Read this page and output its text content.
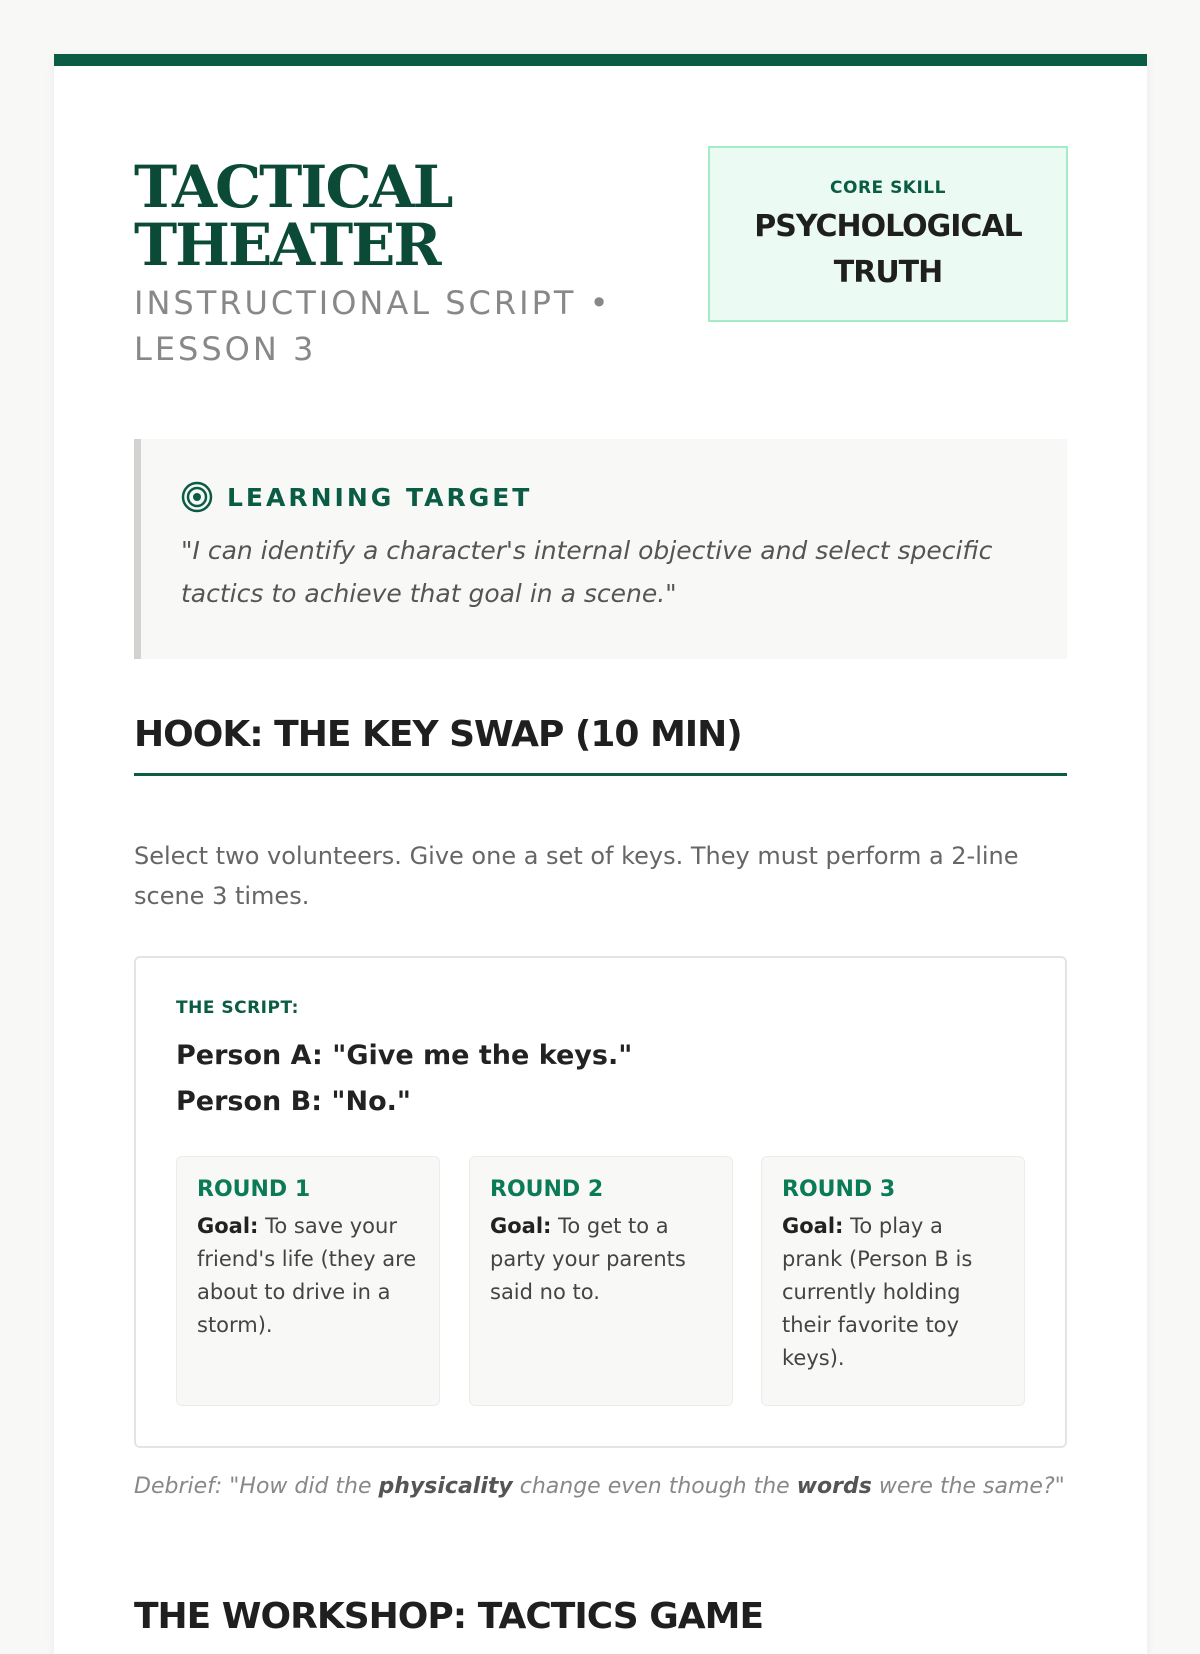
TACTICAL
THEATER
INSTRUCTIONAL SCRIPT •
LESSON 3
CORE SKILL
PSYCHOLOGICAL
TRUTH
LEARNING TARGET
"I can identify a character's internal objective and select specific tactics to achieve that goal in a scene."
HOOK: THE KEY SWAP (10 MIN)
Select two volunteers. Give one a set of keys. They must perform a 2-line scene 3 times.
THE SCRIPT:
Person A: "Give me the keys."
Person B: "No."
ROUND 1
Goal: To save your friend's life (they are about to drive in a storm).
ROUND 2
Goal: To get to a party your parents said no to.
ROUND 3
Goal: To play a prank (Person B is currently holding their favorite toy keys).
Debrief: "How did the physicality change even though the words were the same?"
THE WORKSHOP: TACTICS GAME
